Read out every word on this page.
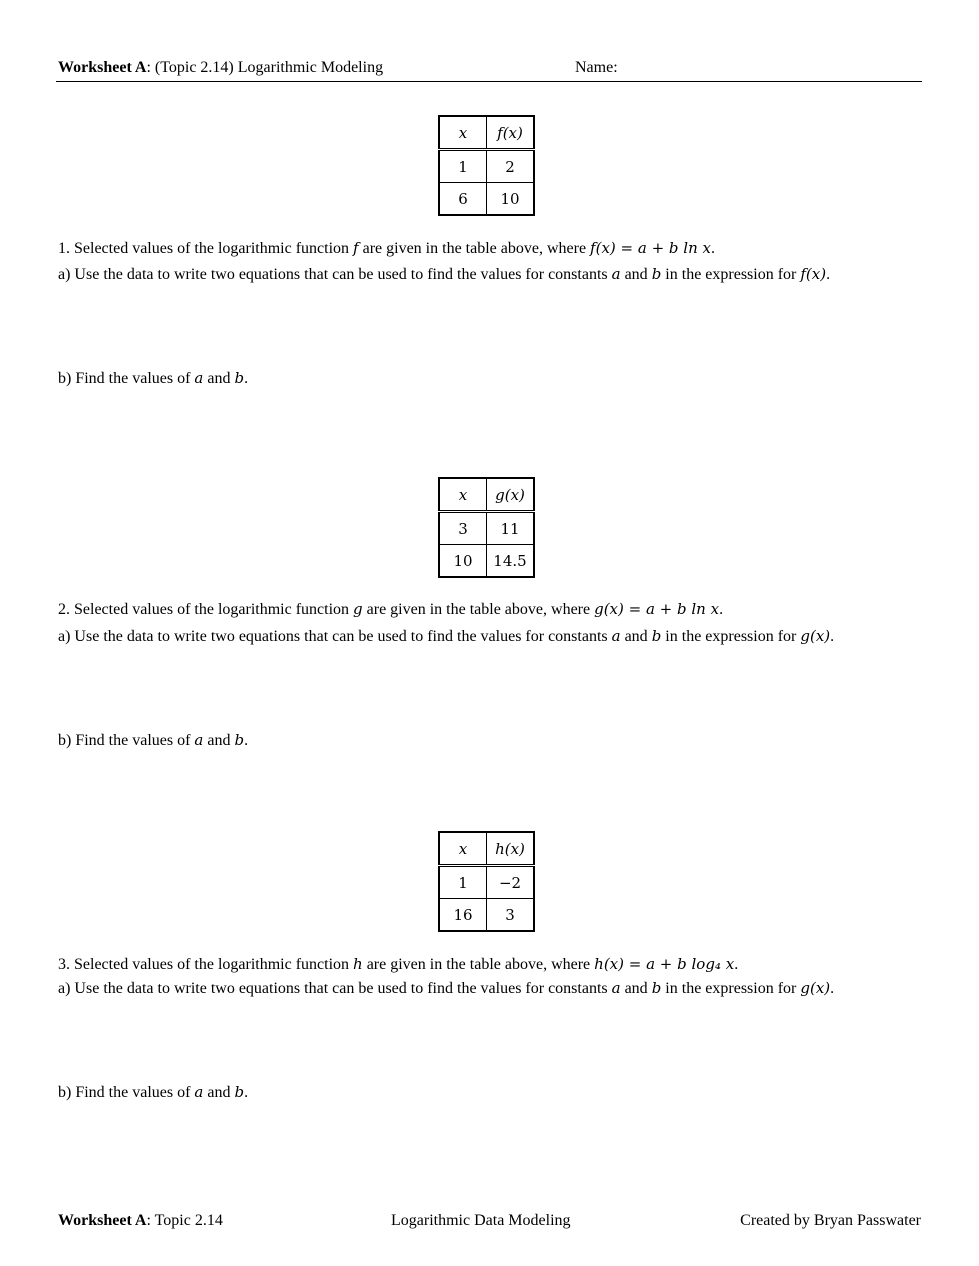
Worksheet A: (Topic 2.14) Logarithmic Modeling	Name:
x	f(x)
1	2
6	10
1. Selected values of the logarithmic function f are given in the table above, where f(x) = a + b ln x.
a) Use the data to write two equations that can be used to find the values for constants a and b in the expression for f(x).
b) Find the values of a and b.
x	g(x)
3	11
10	14.5
2. Selected values of the logarithmic function g are given in the table above, where g(x) = a + b ln x.
a) Use the data to write two equations that can be used to find the values for constants a and b in the expression for g(x).
b) Find the values of a and b.
x	h(x)
1	−2
16	3
3. Selected values of the logarithmic function h are given in the table above, where h(x) = a + b log₄ x.
a) Use the data to write two equations that can be used to find the values for constants a and b in the expression for g(x).
b) Find the values of a and b.
Worksheet A: Topic 2.14	Logarithmic Data Modeling	Created by Bryan Passwater
